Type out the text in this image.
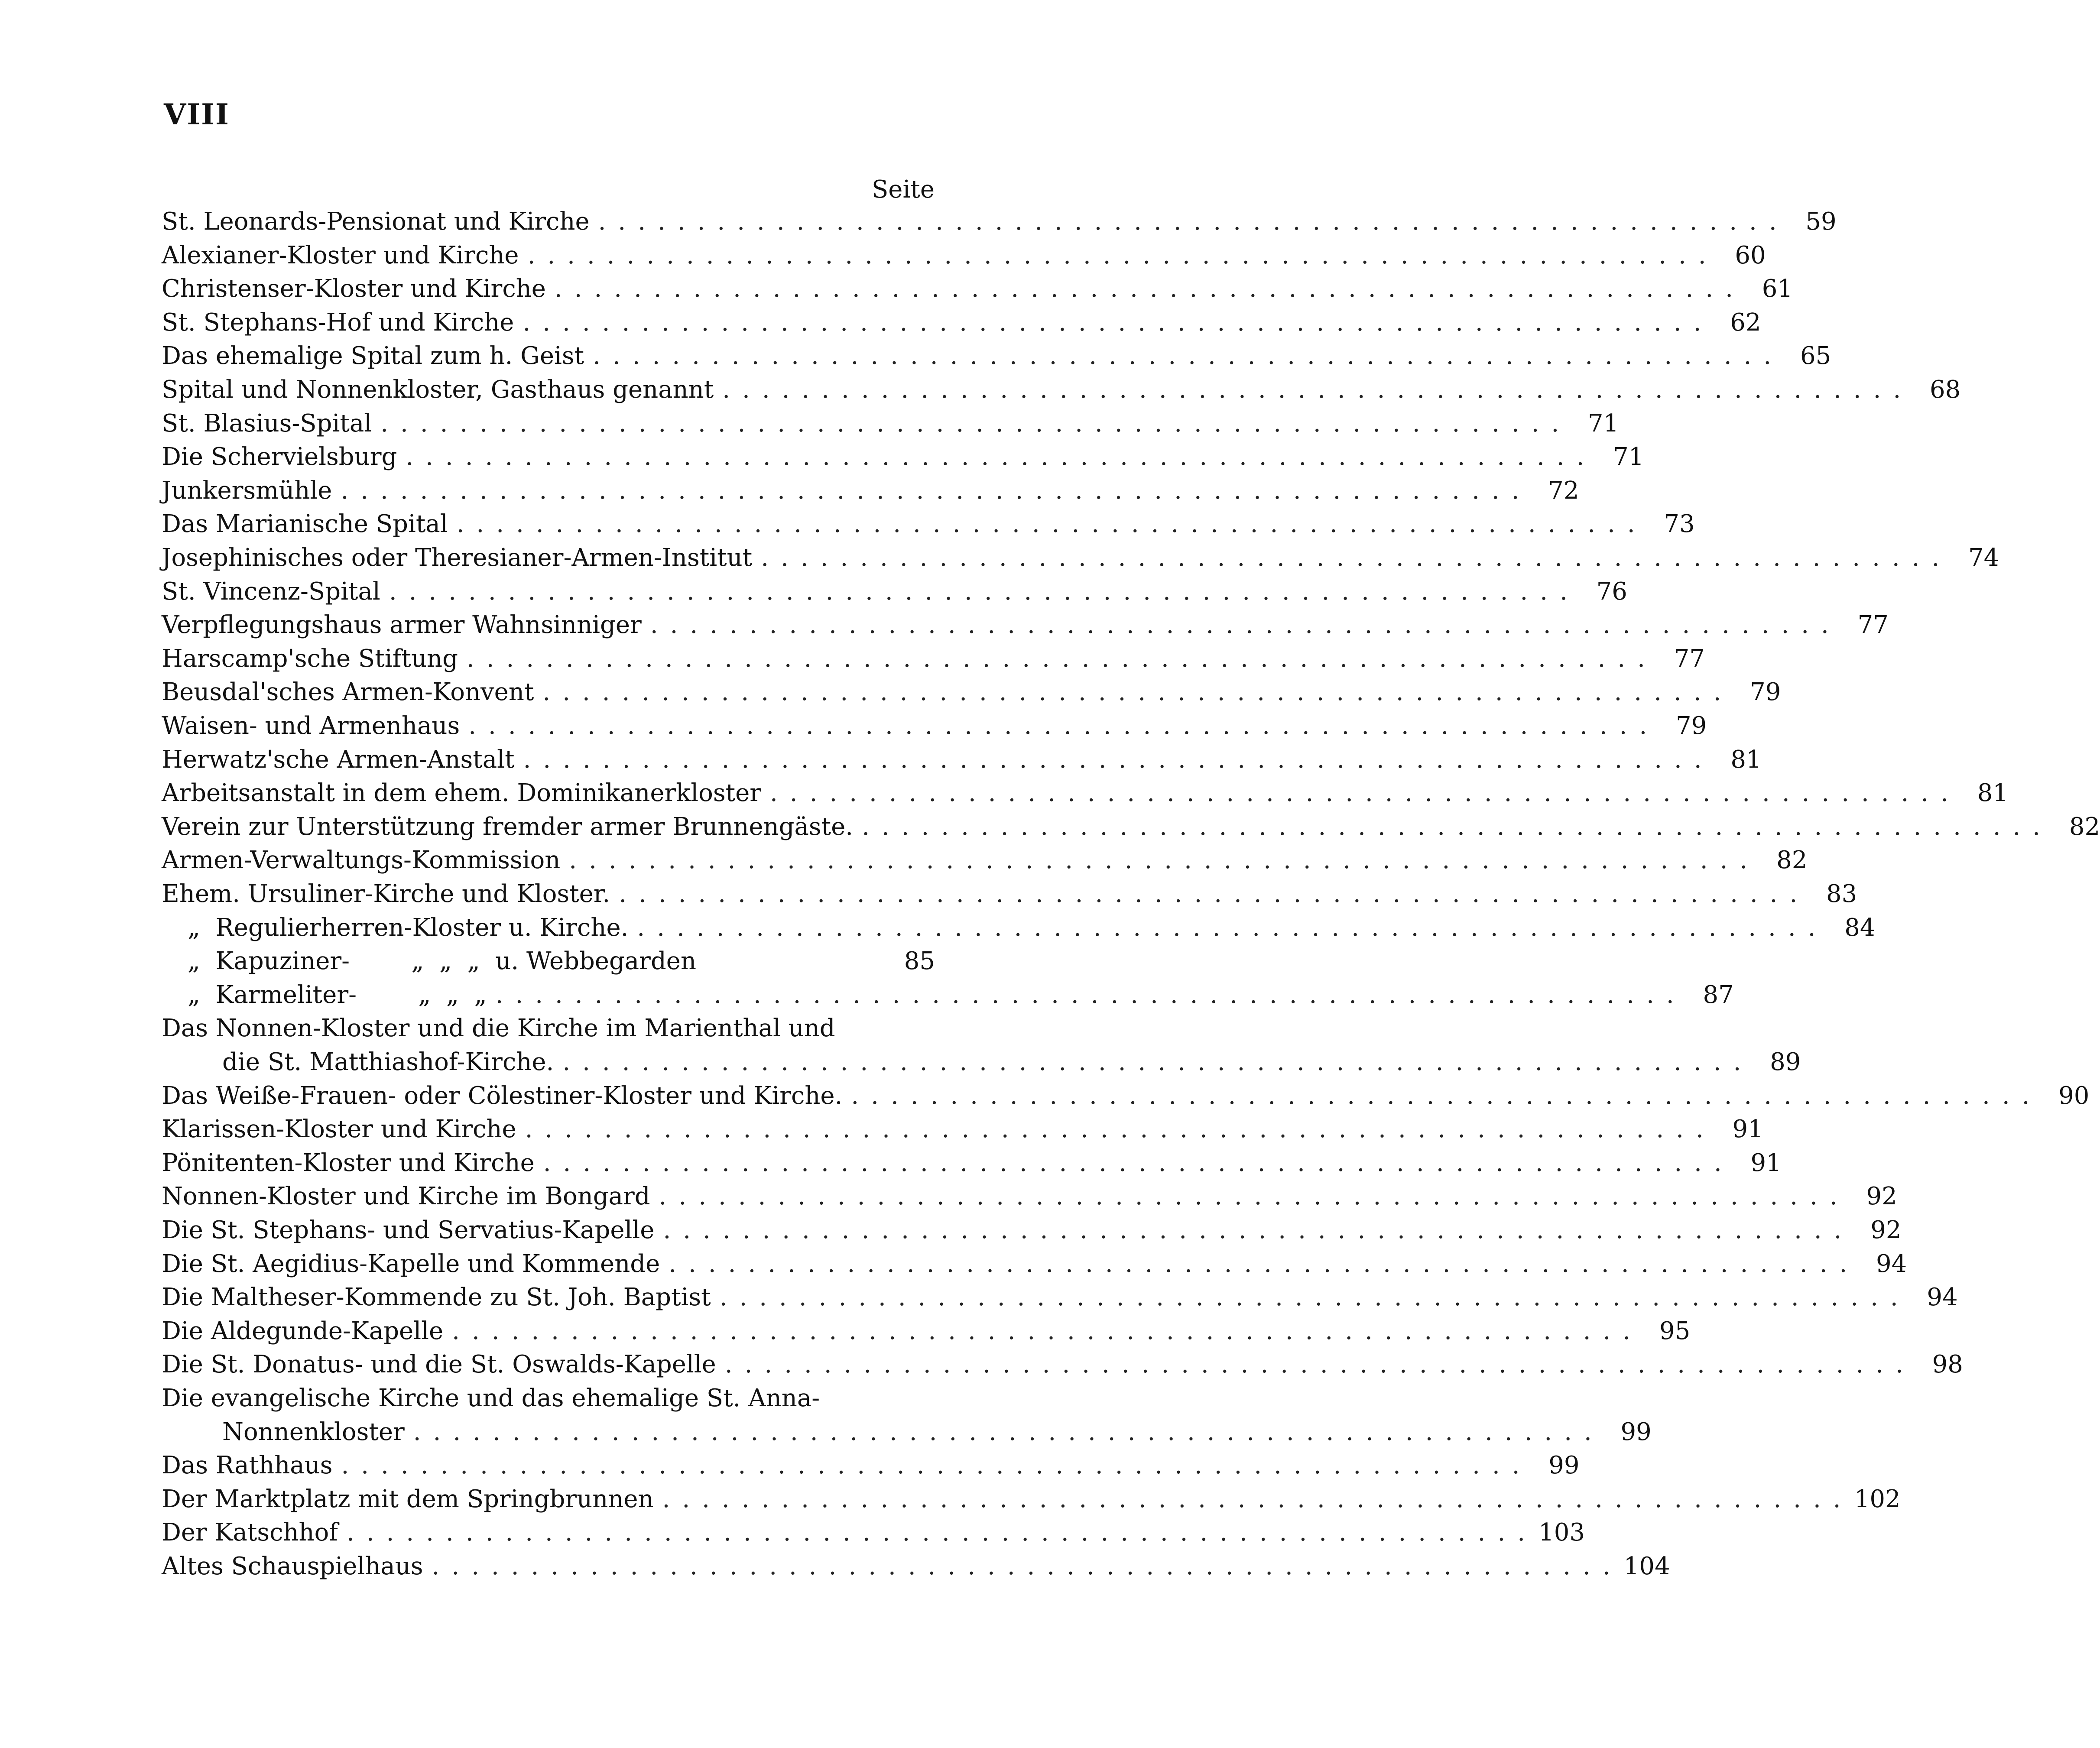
VIII
Seite
St. Leonards-Pensionat und Kirche ............................................................ 59
Alexianer-Kloster und Kirche ............................................................ 60
Christenser-Kloster und Kirche ............................................................ 61
St. Stephans-Hof und Kirche ............................................................ 62
Das ehemalige Spital zum h. Geist ............................................................ 65
Spital und Nonnenkloster, Gasthaus genannt ............................................................ 68
St. Blasius-Spital ............................................................ 71
Die Schervielsburg ............................................................ 71
Junkersmühle ............................................................ 72
Das Marianische Spital ............................................................ 73
Josephinisches oder Theresianer-Armen-Institut ............................................................ 74
St. Vincenz-Spital ............................................................ 76
Verpflegungshaus armer Wahnsinniger ............................................................ 77
Harscamp'sche Stiftung ............................................................ 77
Beusdal'sches Armen-Konvent ............................................................ 79
Waisen- und Armenhaus ............................................................ 79
Herwatz'sche Armen-Anstalt ............................................................ 81
Arbeitsanstalt in dem ehem. Dominikanerkloster ............................................................ 81
Verein zur Unterstützung fremder armer Brunnengäste. ............................................................ 82
Armen-Verwaltungs-Kommission ............................................................ 82
Ehem. Ursuliner-Kirche und Kloster. ............................................................ 83
„  Regulierherren-Kloster u. Kirche. ............................................................ 84
„  Kapuziner-        „  „  „  u. Webbegarden	85
„  Karmeliter-        „  „  „ ............................................................ 87
Das Nonnen-Kloster und die Kirche im Marienthal und
die St. Matthiashof-Kirche. ............................................................ 89
Das Weiße-Frauen- oder Cölestiner-Kloster und Kirche. ............................................................ 90
Klarissen-Kloster und Kirche ............................................................ 91
Pönitenten-Kloster und Kirche ............................................................ 91
Nonnen-Kloster und Kirche im Bongard ............................................................ 92
Die St. Stephans- und Servatius-Kapelle ............................................................ 92
Die St. Aegidius-Kapelle und Kommende ............................................................ 94
Die Maltheser-Kommende zu St. Joh. Baptist ............................................................ 94
Die Aldegunde-Kapelle ............................................................ 95
Die St. Donatus- und die St. Oswalds-Kapelle ............................................................ 98
Die evangelische Kirche und das ehemalige St. Anna-
Nonnenkloster ............................................................ 99
Das Rathhaus ............................................................ 99
Der Marktplatz mit dem Springbrunnen ............................................................ 102
Der Katschhof ............................................................ 103
Altes Schauspielhaus ............................................................ 104
